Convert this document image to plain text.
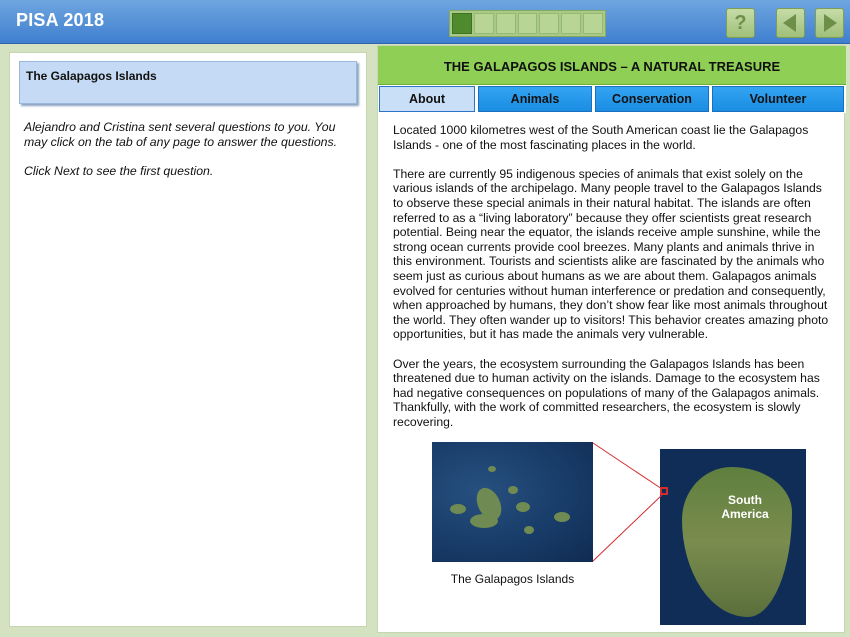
PISA 2018	?
The Galapagos Islands

Alejandro and Cristina sent several questions to you. You may click on the tab of any page to answer the questions.

Click Next to see the first question.

THE GALAPAGOS ISLANDS – A NATURAL TREASURE
About	Animals	Conservation	Volunteer

Located 1000 kilometres west of the South American coast lie the Galapagos Islands - one of the most fascinating places in the world.

There are currently 95 indigenous species of animals that exist solely on the various islands of the archipelago. Many people travel to the Galapagos Islands to observe these special animals in their natural habitat. The islands are often referred to as a “living laboratory” because they offer scientists great research potential. Being near the equator, the islands receive ample sunshine, while the strong ocean currents provide cool breezes. Many plants and animals thrive in this environment. Tourists and scientists alike are fascinated by the animals who seem just as curious about humans as we are about them. Galapagos animals evolved for centuries without human interference or predation and consequently, when approached by humans, they don’t show fear like most animals throughout the world. They often wander up to visitors! This behavior creates amazing photo opportunities, but it has made the animals very vulnerable.

Over the years, the ecosystem surrounding the Galapagos Islands has been threatened due to human activity on the islands. Damage to the ecosystem has had negative consequences on populations of many of the Galapagos animals. Thankfully, with the work of committed researchers, the ecosystem is slowly recovering.

The Galapagos Islands
South
America
